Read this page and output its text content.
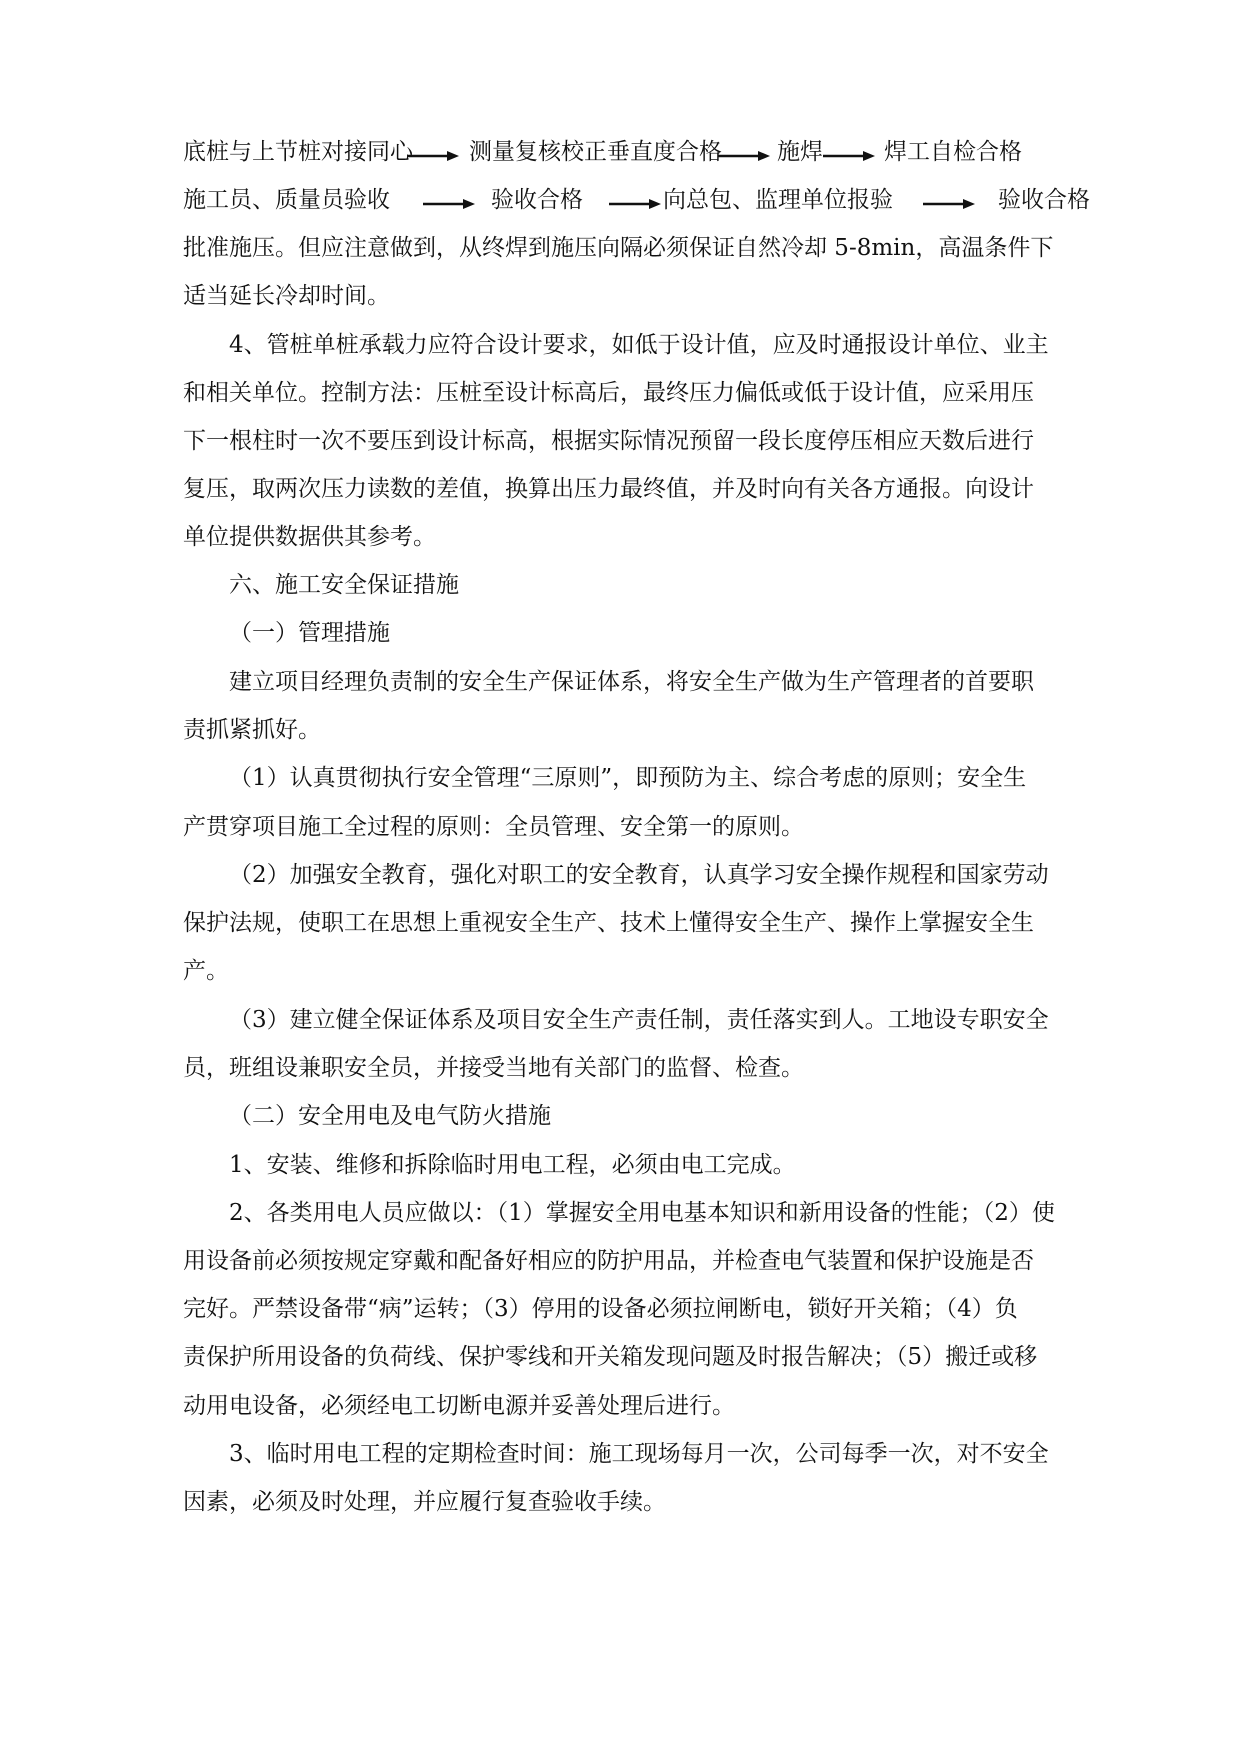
底桩与上节桩对接同心 测量复核校正垂直度合格 施焊	焊工自检合格
施工员、质量员验收	验收合格	向总包、监理单位报验	验收合格
批准施压。但应注意做到，从终焊到施压向隔必须保证自然冷却 5-8min，高温条件下
适当延长冷却时间。
4、管桩单桩承载力应符合设计要求，如低于设计值，应及时通报设计单位、业主
和相关单位。控制方法：压桩至设计标高后，最终压力偏低或低于设计值，应采用压
下一根柱时一次不要压到设计标高，根据实际情况预留一段长度停压相应天数后进行
复压，取两次压力读数的差值，换算出压力最终值，并及时向有关各方通报。向设计
单位提供数据供其参考。
六、施工安全保证措施
（一）管理措施
建立项目经理负责制的安全生产保证体系，将安全生产做为生产管理者的首要职
责抓紧抓好。
（1）认真贯彻执行安全管理“三原则”，即预防为主、综合考虑的原则；安全生
产贯穿项目施工全过程的原则：全员管理、安全第一的原则。
（2）加强安全教育，强化对职工的安全教育，认真学习安全操作规程和国家劳动
保护法规，使职工在思想上重视安全生产、技术上懂得安全生产、操作上掌握安全生
产。
（3）建立健全保证体系及项目安全生产责任制，责任落实到人。工地设专职安全
员，班组设兼职安全员，并接受当地有关部门的监督、检查。
（二）安全用电及电气防火措施
1、安装、维修和拆除临时用电工程，必须由电工完成。
2、各类用电人员应做以：（1）掌握安全用电基本知识和新用设备的性能；（2）使
用设备前必须按规定穿戴和配备好相应的防护用品，并检查电气装置和保护设施是否
完好。严禁设备带“病”运转；（3）停用的设备必须拉闸断电，锁好开关箱；（4）负
责保护所用设备的负荷线、保护零线和开关箱发现问题及时报告解决；（5）搬迁或移
动用电设备，必须经电工切断电源并妥善处理后进行。
3、临时用电工程的定期检查时间：施工现场每月一次，公司每季一次，对不安全
因素，必须及时处理，并应履行复查验收手续。
